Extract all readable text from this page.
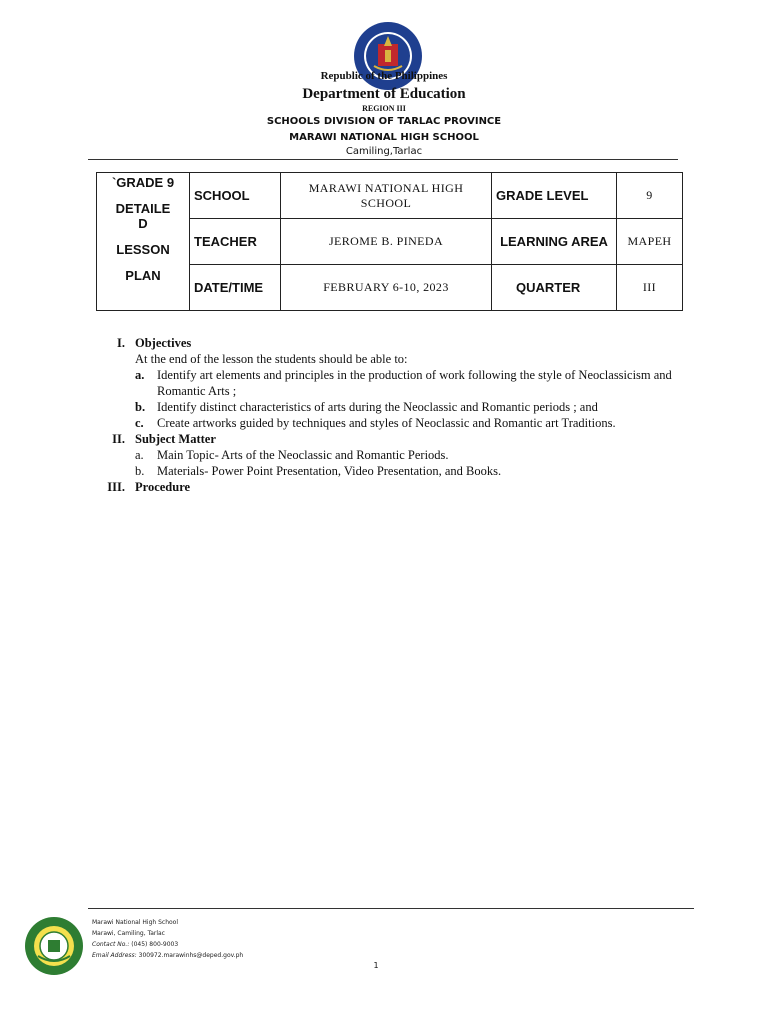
Republic of the Philippines
Department of Education
REGION III
SCHOOLS DIVISION OF TARLAC PROVINCE
MARAWI NATIONAL HIGH SCHOOL
Camiling,Tarlac
`GRADE 9
DETAILE D
LESSON
PLAN	SCHOOL	MARAWI NATIONAL HIGH SCHOOL	GRADE LEVEL	9
	TEACHER	JEROME B. PINEDA	LEARNING AREA	MAPEH
	DATE/TIME	FEBRUARY 6-10, 2023	QUARTER	III
I. Objectives
At the end of the lesson the students should be able to:
a.	Identify art elements and principles in the production of work following the style of Neoclassicism and Romantic Arts ;
b. Identify distinct characteristics of arts during the Neoclassic and Romantic periods ; and
c.	Create artworks guided by techniques and styles of Neoclassic and Romantic art Traditions.
II. Subject Matter
a.	Main Topic- Arts of the Neoclassic and Romantic Periods.
b.	Materials- Power Point Presentation, Video Presentation, and Books.
III. Procedure
Marawi National High School
Marawi, Camiling, Tarlac
Contact No.: (045) 800-9003
Email Address: 300972.marawinhs@deped.gov.ph
1
